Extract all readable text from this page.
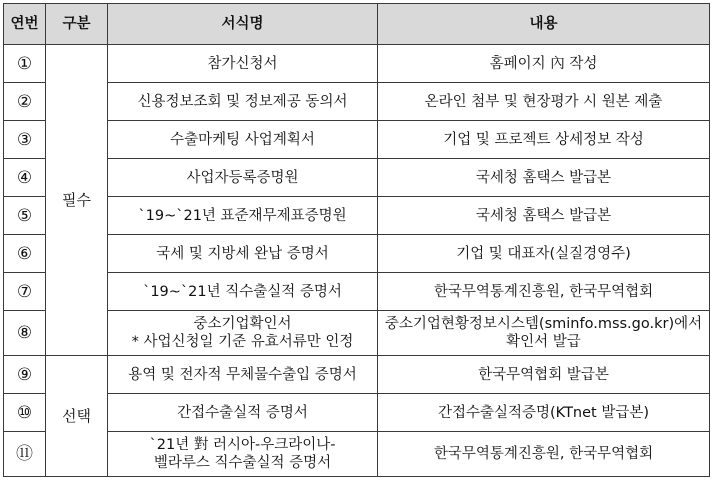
연번	구분	서식명	내용
①	필수	참가신청서	홈페이지 內 작성

②		신용정보조회 및 정보제공 동의서	온라인 첨부 및 현장평가 시 원본 제출

③		수출마케팅 사업계획서	기업 및 프로젝트 상세정보 작성

④		사업자등록증명원	국세청 홈택스 발급본

⑤		`19~`21년 표준재무제표증명원	국세청 홈택스 발급본

⑥		국세 및 지방세 완납 증명서	기업 및 대표자(실질경영주)

⑦		`19~`21년 직수출실적 증명서	한국무역통계진흥원, 한국무역협회

⑧		중소기업확인서
* 사업신청일 기준 유효서류만 인정	중소기업현황정보시스템(sminfo.mss.go.kr)에서
확인서 발급

⑨	선택	용역 및 전자적 무체물수출입 증명서	한국무역협회 발급본

⑩		간접수출실적 증명서	간접수출실적증명(KTnet 발급본)

⑪		`21년 對 러시아-우크라이나-
벨라루스 직수출실적 증명서	한국무역통계진흥원, 한국무역협회
